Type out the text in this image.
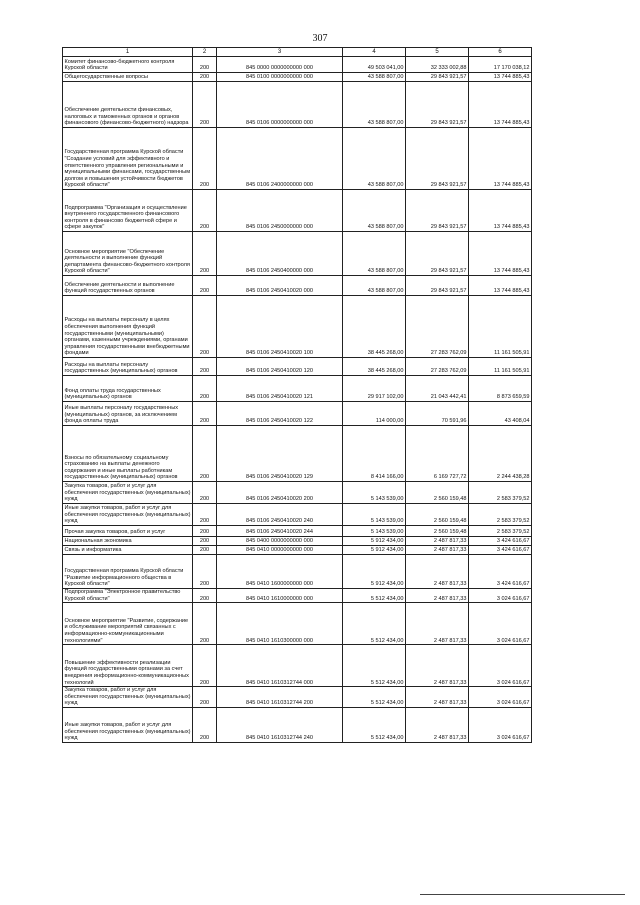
307
1	2	3	4	5	6
Комитет финансово-бюджетного контроля Курской области	200	845 0000 0000000000 000	49 503 041,00	32 333 002,88	17 170 038,12
Общегосударственные вопросы	200	845 0100 0000000000 000	43 588 807,00	29 843 921,57	13 744 885,43
Обеспечение деятельности финансовых, налоговых и таможенных органов и органов финансового (финансово-бюджетного) надзора	200	845 0106 0000000000 000	43 588 807,00	29 843 921,57	13 744 885,43
Государственная программа Курской области "Создание условий для эффективного и ответственного управления региональными и муниципальными финансами, государственным долгом и повышения устойчивости бюджетов Курской области"	200	845 0106 2400000000 000	43 588 807,00	29 843 921,57	13 744 885,43
Подпрограмма "Организация и осуществление внутреннего государственного финансового контроля в финансово бюджетной сфере и сфере закупок"	200	845 0106 2450000000 000	43 588 807,00	29 843 921,57	13 744 885,43
Основное мероприятие "Обеспечение деятельности и выполнение функций департамента финансово-бюджетного контроля Курской области"	200	845 0106 2450400000 000	43 588 807,00	29 843 921,57	13 744 885,43
Обеспечение деятельности и выполнение функций государственных органов	200	845 0106 2450410020 000	43 588 807,00	29 843 921,57	13 744 885,43
Расходы на выплаты персоналу в целях обеспечения выполнения функций государственными (муниципальными) органами, казенными учреждениями, органами управления государственными внебюджетными фондами	200	845 0106 2450410020 100	38 445 268,00	27 283 762,09	11 161 505,91
Расходы на выплаты персоналу государственных (муниципальных) органов	200	845 0106 2450410020 120	38 445 268,00	27 283 762,09	11 161 505,91
Фонд оплаты труда государственных (муниципальных) органов	200	845 0106 2450410020 121	29 917 102,00	21 043 442,41	8 873 659,59
Иные выплаты персоналу государственных (муниципальных) органов, за исключением фонда оплаты труда	200	845 0106 2450410020 122	114 000,00	70 591,96	43 408,04
Взносы по обязательному социальному страхованию на выплаты денежного содержания и иные выплаты работникам государственных (муниципальных) органов	200	845 0106 2450410020 129	8 414 166,00	6 169 727,72	2 244 438,28
Закупка товаров, работ и услуг для обеспечения государственных (муниципальных) нужд	200	845 0106 2450410020 200	5 143 539,00	2 560 159,48	2 583 379,52
Иные закупки товаров, работ и услуг для обеспечения государственных (муниципальных) нужд	200	845 0106 2450410020 240	5 143 539,00	2 560 159,48	2 583 379,52
Прочая закупка товаров, работ и услуг	200	845 0106 2450410020 244	5 143 539,00	2 560 159,48	2 583 379,52
Национальная экономика	200	845 0400 0000000000 000	5 912 434,00	2 487 817,33	3 424 616,67
Связь и информатика	200	845 0410 0000000000 000	5 912 434,00	2 487 817,33	3 424 616,67
Государственная программа Курской области "Развитие информационного общества в Курской области"	200	845 0410 1600000000 000	5 912 434,00	2 487 817,33	3 424 616,67
Подпрограмма "Электронное правительство Курской области"	200	845 0410 1610000000 000	5 512 434,00	2 487 817,33	3 024 616,67
Основное мероприятие "Развитие, содержание и обслуживание мероприятий связанных с информационно-коммуникационными технологиями"	200	845 0410 1610300000 000	5 512 434,00	2 487 817,33	3 024 616,67
Повышение эффективности реализации функций государственными органами за счет внедрения информационно-коммуникационных технологий	200	845 0410 1610312744 000	5 512 434,00	2 487 817,33	3 024 616,67
Закупка товаров, работ и услуг для обеспечения государственных (муниципальных) нужд	200	845 0410 1610312744 200	5 512 434,00	2 487 817,33	3 024 616,67
Иные закупки товаров, работ и услуг для обеспечения государственных (муниципальных) нужд	200	845 0410 1610312744 240	5 512 434,00	2 487 817,33	3 024 616,67
